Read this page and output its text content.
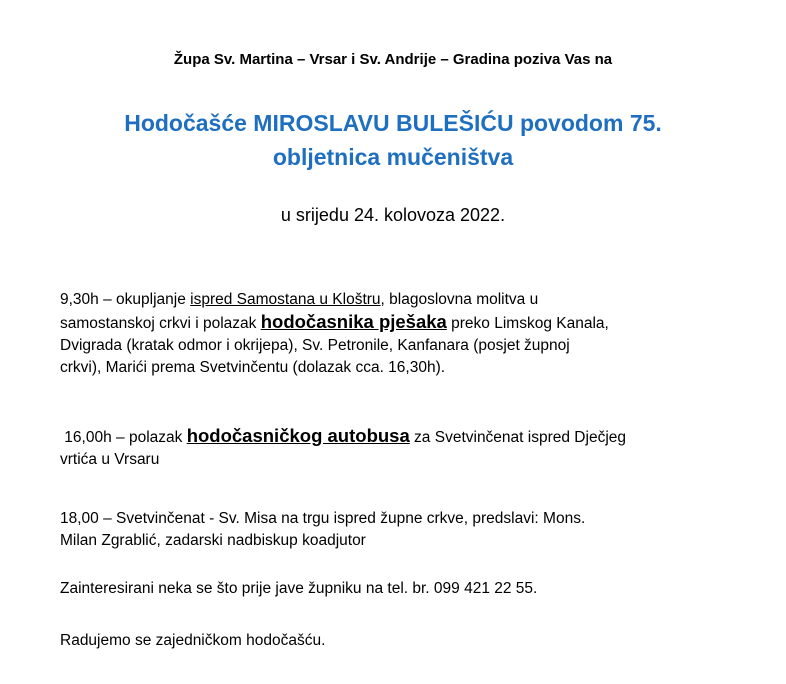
Župa Sv. Martina – Vrsar i Sv. Andrije – Gradina poziva Vas na
Hodočašće MIROSLAVU BULEŠIĆU povodom 75.
obljetnica mučeništva
u srijedu 24. kolovoza 2022.
9,30h – okupljanje ispred Samostana u Kloštru, blagoslovna molitva u
samostanskoj crkvi i polazak hodočasnika pješaka preko Limskog Kanala,
Dvigrada (kratak odmor i okrijepa), Sv. Petronile, Kanfanara (posjet župnoj
crkvi), Marići prema Svetvinčentu (dolazak cca. 16,30h).
16,00h – polazak hodočasničkog autobusa za Svetvinčenat ispred Dječjeg
vrtića u Vrsaru
18,00 – Svetvinčenat - Sv. Misa na trgu ispred župne crkve, predslavi: Mons.
Milan Zgrablić, zadarski nadbiskup koadjutor
Zainteresirani neka se što prije jave župniku na tel. br. 099 421 22 55.
Radujemo se zajedničkom hodočašću.
